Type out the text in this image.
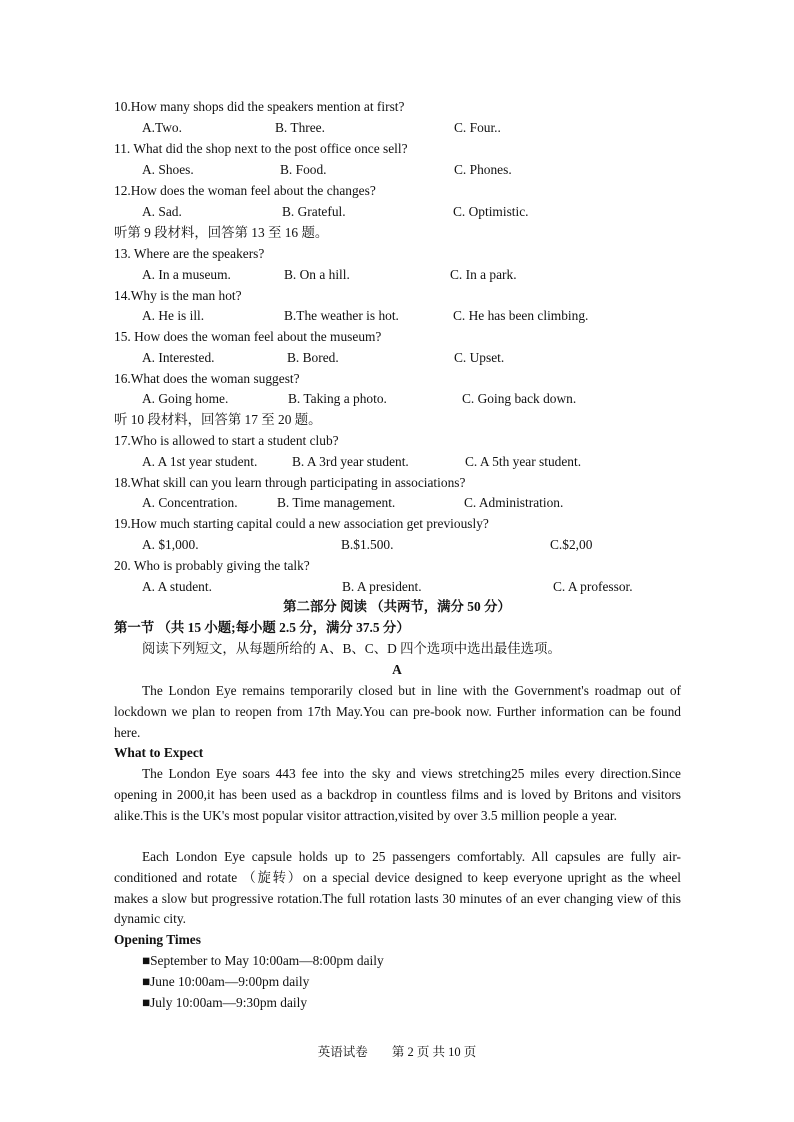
10.How many shops did the speakers mention at first?
A.Two.	B. Three.	C. Four..
11. What did the shop next to the post office once sell?
A. Shoes.	B. Food.	C. Phones.
12.How does the woman feel about the changes?
A. Sad.	B. Grateful.	C. Optimistic.
听第 9 段材料，回答第 13 至 16 题。
13. Where are the speakers?
A. In a museum.	B. On a hill.	C. In a park.
14.Why is the man hot?
A. He is ill.	B.The weather is hot.	C. He has been climbing.
15. How does the woman feel about the museum?
A. Interested.	B. Bored.	C. Upset.
16.What does the woman suggest?
A. Going home.	B. Taking a photo.	C. Going back down.
听 10 段材料，回答第 17 至 20 题。
17.Who is allowed to start a student club?
A. A 1st year student.	B. A 3rd year student.	C. A 5th year student.
18.What skill can you learn through participating in associations?
A. Concentration.	B. Time management.	C. Administration.
19.How much starting capital could a new association get previously?
A. $1,000.	B.$1.500.	C.$2,00
20. Who is probably giving the talk?
A. A student.	B. A president.	C. A professor.
第二部分 阅读 （共两节，满分 50 分）
第一节 （共 15 小题;每小题 2.5 分，满分 37.5 分）
阅读下列短文，从每题所给的 A、B、C、D 四个选项中选出最佳选项。
A

The London Eye remains temporarily closed but in line with the Government's roadmap out of lockdown we plan to reopen from 17th May.You can pre-book now. Further information can be found here.

What to Expect

The London Eye soars 443 fee into the sky and views stretching25 miles every direction.Since opening in 2000,it has been used as a backdrop in countless films and is loved by Britons and visitors alike.This is the UK's most popular visitor attraction,visited by over 3.5 million people a year.

Each London Eye capsule holds up to 25 passengers comfortably. All capsules are fully air-conditioned and rotate （旋转）on a special device designed to keep everyone upright as the wheel makes a slow but progressive rotation.The full rotation lasts 30 minutes of an ever changing view of this dynamic city.

Opening Times
■September to May 10:00am—8:00pm daily
■June 10:00am—9:00pm daily
■July 10:00am—9:30pm daily
英语试卷 第 2 页 共 10 页
